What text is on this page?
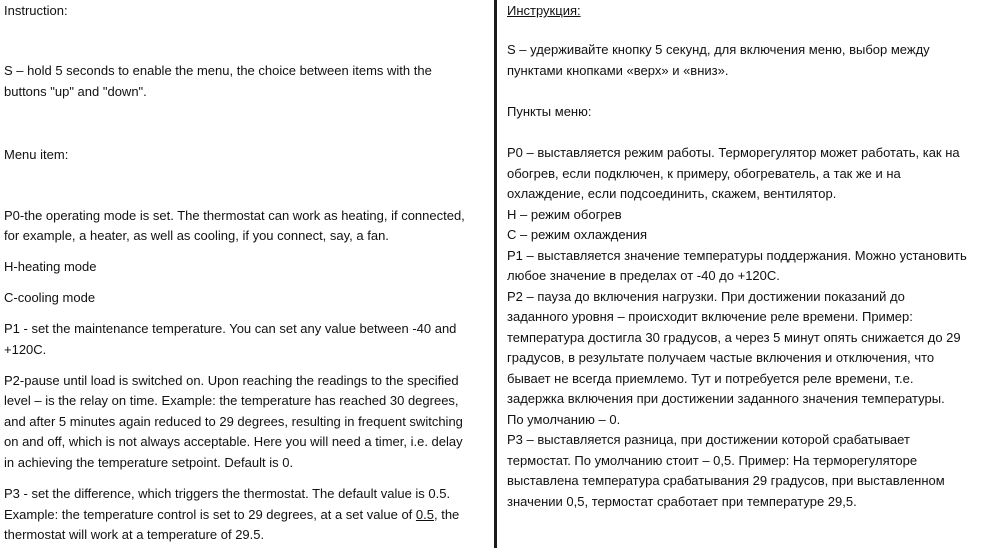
Instruction:
S – hold 5 seconds to enable the menu, the choice between items with the
buttons "up" and "down".
Menu item:
P0-the operating mode is set. The thermostat can work as heating, if connected,
for example, a heater, as well as cooling, if you connect, say, a fan.
H-heating mode
C-cooling mode
P1 - set the maintenance temperature. You can set any value between -40 and
+120C.
P2-pause until load is switched on. Upon reaching the readings to the specified
level – is the relay on time. Example: the temperature has reached 30 degrees,
and after 5 minutes again reduced to 29 degrees, resulting in frequent switching
on and off, which is not always acceptable. Here you will need a timer, i.e. delay
in achieving the temperature setpoint. Default is 0.
P3 - set the difference, which triggers the thermostat. The default value is 0.5.
Example: the temperature control is set to 29 degrees, at a set value of 0.5, the
thermostat will work at a temperature of 29.5.
Инструкция:
S – удерживайте кнопку 5 секунд, для включения меню, выбор между
пунктами кнопками «верх» и «вниз».
Пункты меню:
P0 – выставляется режим работы. Терморегулятор может работать, как на
обогрев, если подключен, к примеру, обогреватель, а так же и на
охлаждение, если подсоединить, скажем, вентилятор.
H – режим обогрев
C – режим охлаждения
P1 – выставляется значение температуры поддержания. Можно установить
любое значение в пределах от -40 до +120C.
P2 – пауза до включения нагрузки. При достижении показаний до
заданного уровня – происходит включение реле времени. Пример:
температура достигла 30 градусов, а через 5 минут опять снижается до 29
градусов, в результате получаем частые включения и отключения, что
бывает не всегда приемлемо. Тут и потребуется реле времени, т.е.
задержка включения при достижении заданного значения температуры.
По умолчанию – 0.
P3 – выставляется разница, при достижении которой срабатывает
термостат. По умолчанию стоит – 0,5. Пример: На терморегуляторе
выставлена температура срабатывания 29 градусов, при выставленном
значении 0,5, термостат сработает при температуре 29,5.
